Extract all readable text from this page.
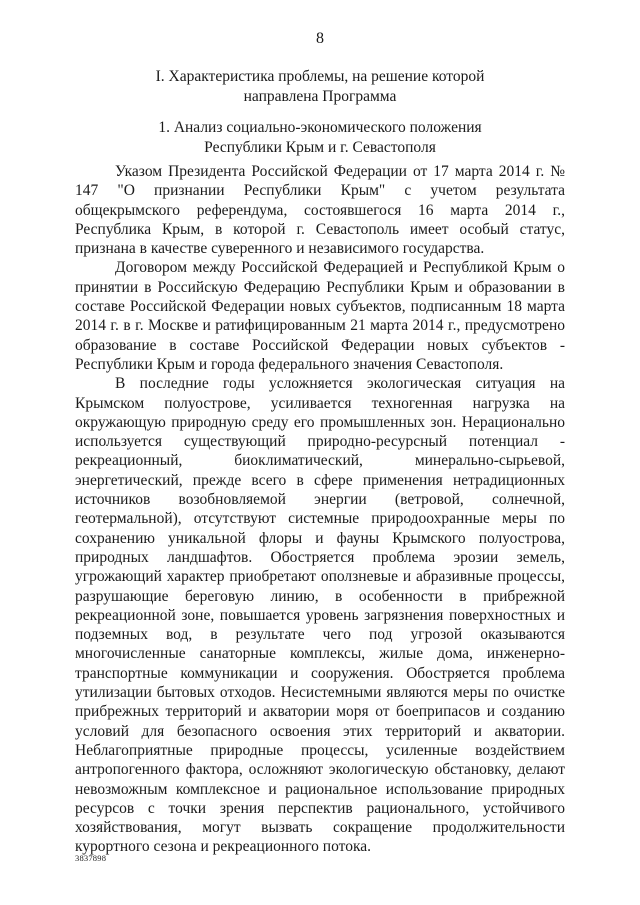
8
I. Характеристика проблемы, на решение которой
направлена Программа
1. Анализ социально-экономического положения
Республики Крым и г. Севастополя

Указом Президента Российской Федерации от 17 марта 2014 г. № 147 "О признании Республики Крым" с учетом результата общекрымского референдума, состоявшегося 16 марта 2014 г., Республика Крым, в которой г. Севастополь имеет особый статус, признана в качестве суверенного и независимого государства.

Договором между Российской Федерацией и Республикой Крым о принятии в Российскую Федерацию Республики Крым и образовании в составе Российской Федерации новых субъектов, подписанным 18 марта 2014 г. в г. Москве и ратифицированным 21 марта 2014 г., предусмотрено образование в составе Российской Федерации новых субъектов - Республики Крым и города федерального значения Севастополя.

В последние годы усложняется экологическая ситуация на Крымском полуострове, усиливается техногенная нагрузка на окружающую природную среду его промышленных зон. Нерационально используется существующий природно-ресурсный потенциал - рекреационный, биоклиматический, минерально-сырьевой, энергетический, прежде всего в сфере применения нетрадиционных источников возобновляемой энергии (ветровой, солнечной, геотермальной), отсутствуют системные природоохранные меры по сохранению уникальной флоры и фауны Крымского полуострова, природных ландшафтов. Обостряется проблема эрозии земель, угрожающий характер приобретают оползневые и абразивные процессы, разрушающие береговую линию, в особенности в прибрежной рекреационной зоне, повышается уровень загрязнения поверхностных и подземных вод, в результате чего под угрозой оказываются многочисленные санаторные комплексы, жилые дома, инженерно-транспортные коммуникации и сооружения. Обостряется проблема утилизации бытовых отходов. Несистемными являются меры по очистке прибрежных территорий и акватории моря от боеприпасов и созданию условий для безопасного освоения этих территорий и акватории. Неблагоприятные природные процессы, усиленные воздействием антропогенного фактора, осложняют экологическую обстановку, делают невозможным комплексное и рациональное использование природных ресурсов с точки зрения перспектив рационального, устойчивого хозяйствования, могут вызвать сокращение продолжительности курортного сезона и рекреационного потока.

3837898
